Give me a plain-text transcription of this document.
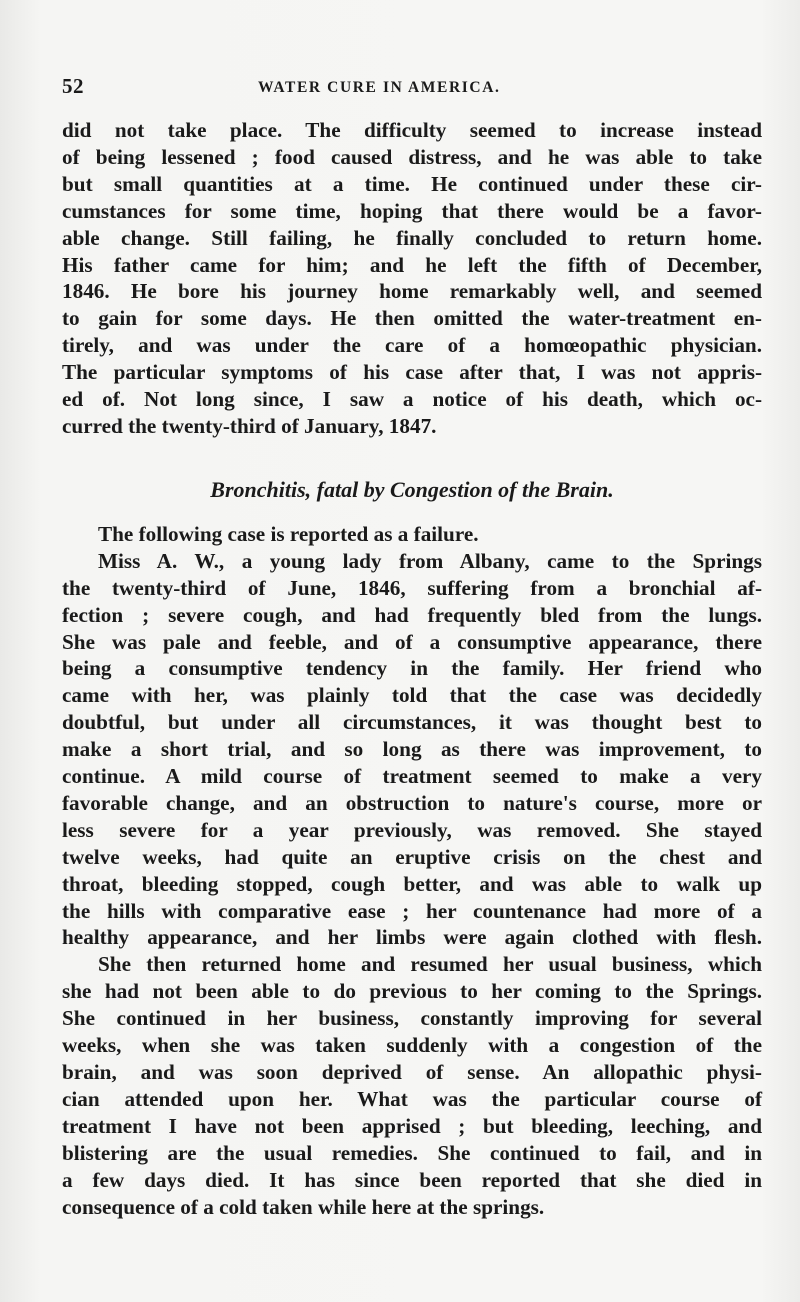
52	WATER CURE IN AMERICA.
did not take place. The difficulty seemed to increase instead
of being lessened ; food caused distress, and he was able to take
but small quantities at a time. He continued under these cir-
cumstances for some time, hoping that there would be a favor-
able change. Still failing, he finally concluded to return home.
His father came for him; and he left the fifth of December,
1846. He bore his journey home remarkably well, and seemed
to gain for some days. He then omitted the water-treatment en-
tirely, and was under the care of a homœopathic physician.
The particular symptoms of his case after that, I was not appris-
ed of. Not long since, I saw a notice of his death, which oc-
curred the twenty-third of January, 1847.
Bronchitis, fatal by Congestion of the Brain.
The following case is reported as a failure.
Miss A. W., a young lady from Albany, came to the Springs
the twenty-third of June, 1846, suffering from a bronchial af-
fection ; severe cough, and had frequently bled from the lungs.
She was pale and feeble, and of a consumptive appearance, there
being a consumptive tendency in the family. Her friend who
came with her, was plainly told that the case was decidedly
doubtful, but under all circumstances, it was thought best to
make a short trial, and so long as there was improvement, to
continue. A mild course of treatment seemed to make a very
favorable change, and an obstruction to nature's course, more or
less severe for a year previously, was removed. She stayed
twelve weeks, had quite an eruptive crisis on the chest and
throat, bleeding stopped, cough better, and was able to walk up
the hills with comparative ease ; her countenance had more of a
healthy appearance, and her limbs were again clothed with flesh.
She then returned home and resumed her usual business, which
she had not been able to do previous to her coming to the Springs.
She continued in her business, constantly improving for several
weeks, when she was taken suddenly with a congestion of the
brain, and was soon deprived of sense. An allopathic physi-
cian attended upon her. What was the particular course of
treatment I have not been apprised ; but bleeding, leeching, and
blistering are the usual remedies. She continued to fail, and in
a few days died. It has since been reported that she died in
consequence of a cold taken while here at the springs.
